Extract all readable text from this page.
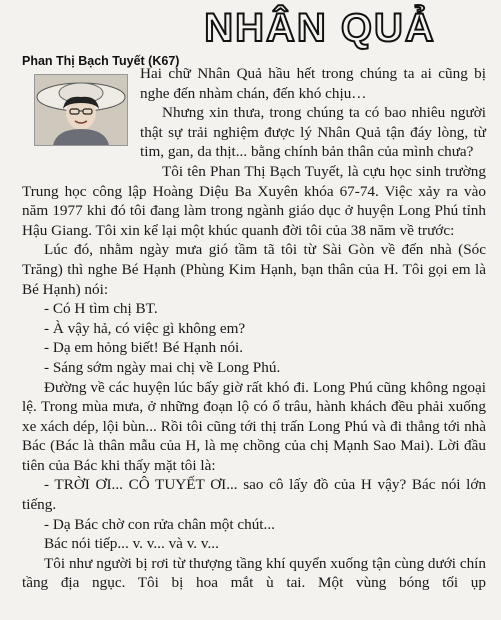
NHÂN QUẢ
Phan Thị Bạch Tuyết (K67)

Hai chữ Nhân Quả hầu hết trong chúng ta ai cũng bị nghe đến nhàm chán, đến khó chịu…

Nhưng xin thưa, trong chúng ta có bao nhiêu người thật sự trải nghiệm được lý Nhân Quả tận đáy lòng, từ tim, gan, da thịt... bằng chính bản thân của mình chưa?

Tôi tên Phan Thị Bạch Tuyết, là cựu học sinh trường Trung học công lập Hoàng Diệu Ba Xuyên khóa 67-74. Việc xảy ra vào năm 1977 khi đó tôi đang làm trong ngành giáo dục ở huyện Long Phú tỉnh Hậu Giang. Tôi xin kể lại một khúc quanh đời tôi của 38 năm về trước:

Lúc đó, nhằm ngày mưa gió tầm tã tôi từ Sài Gòn về đến nhà (Sóc Trăng) thì nghe Bé Hạnh (Phùng Kim Hạnh, bạn thân của H. Tôi gọi em là Bé Hạnh) nói:

- Có H tìm chị BT.

- À vậy hả, có việc gì không em?

- Dạ em hỏng biết! Bé Hạnh nói.

- Sáng sớm ngày mai chị về Long Phú.

Đường về các huyện lúc bấy giờ rất khó đi. Long Phú cũng không ngoại lệ. Trong mùa mưa, ở những đoạn lộ có ổ trâu, hành khách đều phải xuống xe xách dép, lội bùn... Rồi tôi cũng tới thị trấn Long Phú và đi thẳng tới nhà Bác (Bác là thân mẫu của H, là mẹ chồng của chị Mạnh Sao Mai). Lời đầu tiên của Bác khi thấy mặt tôi là:

- TRỜI ƠI... CÔ TUYẾT ƠI... sao cô lấy đồ của H vậy? Bác nói lớn tiếng.

- Dạ Bác chờ con rửa chân một chút...

Bác nói tiếp... v. v... và v. v...

Tôi như người bị rơi từ thượng tầng khí quyển xuống tận cùng dưới chín tầng địa ngục. Tôi bị hoa mắt ù tai. Một vùng bóng tối ụp
